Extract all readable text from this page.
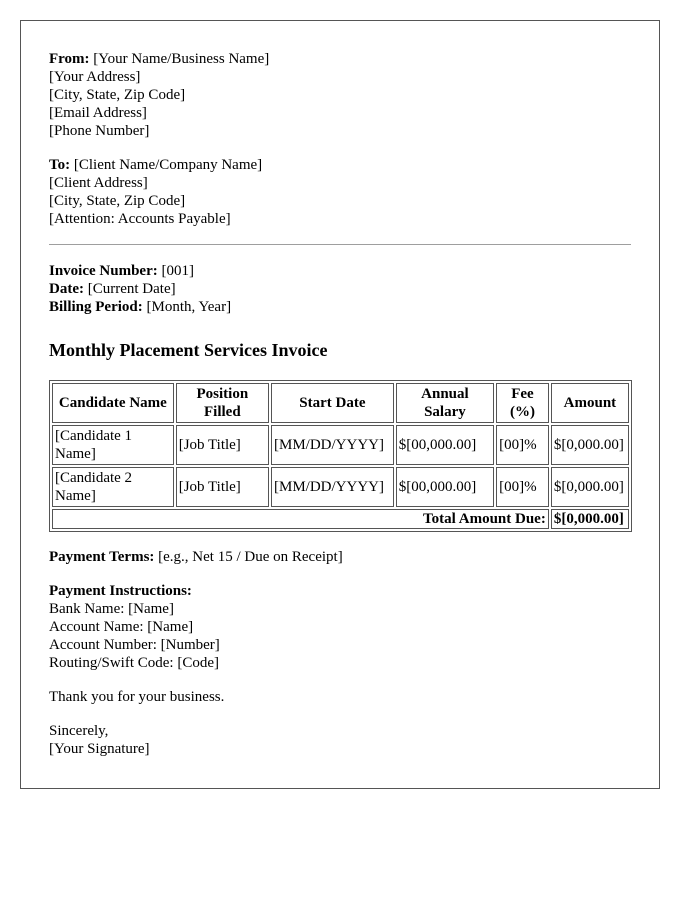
From: [Your Name/Business Name]

[Your Address]

[City, State, Zip Code]

[Email Address]

[Phone Number]

To: [Client Name/Company Name]

[Client Address]

[City, State, Zip Code]

[Attention: Accounts Payable]

Invoice Number: [001]

Date: [Current Date]

Billing Period: [Month, Year]

Monthly Placement Services Invoice
Candidate Name	Position Filled	Start Date	Annual Salary	Fee (%)	Amount
[Candidate 1 Name]	[Job Title]	[MM/DD/YYYY]	$[00,000.00]	[00]%	$[0,000.00]
[Candidate 2 Name]	[Job Title]	[MM/DD/YYYY]	$[00,000.00]	[00]%	$[0,000.00]
Total Amount Due:					$[0,000.00]

Payment Terms: [e.g., Net 15 / Due on Receipt]

Payment Instructions:

Bank Name: [Name]

Account Name: [Name]

Account Number: [Number]

Routing/Swift Code: [Code]

Thank you for your business.

Sincerely,

[Your Signature]
